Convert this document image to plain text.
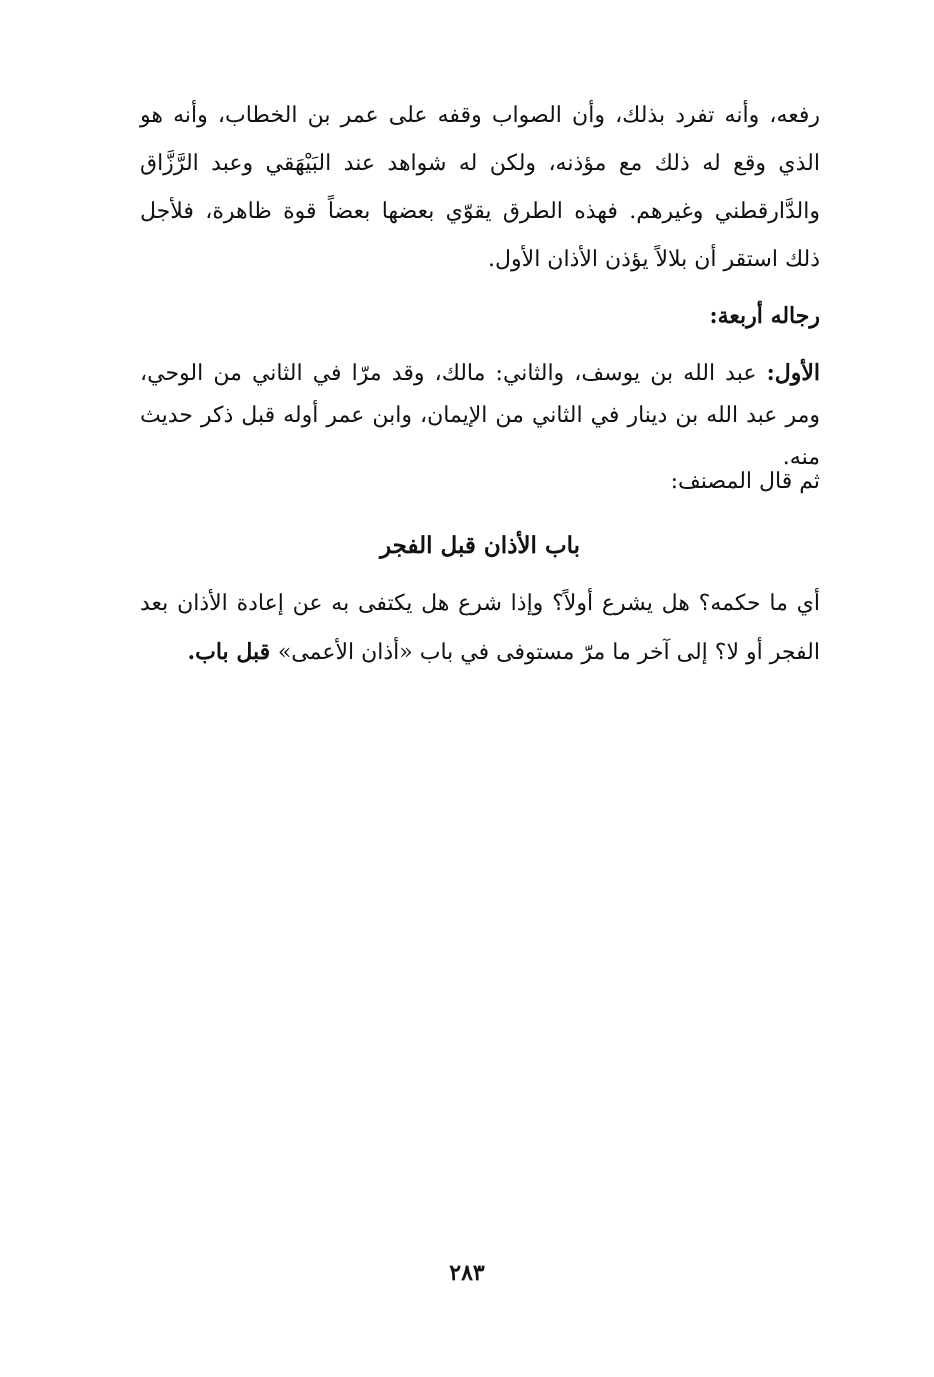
رفعه، وأنه تفرد بذلك، وأن الصواب وقفه على عمر بن الخطاب، وأنه هو الذي وقع له ذلك مع مؤذنه، ولكن له شواهد عند البَيْهَقي وعبد الرَّزَّاق والدَّارقطني وغيرهم. فهذه الطرق يقوّي بعضها بعضاً قوة ظاهرة، فلأجل ذلك استقر أن بلالاً يؤذن الأذان الأول.
رجاله أربعة:
الأول: عبد الله بن يوسف، والثاني: مالك، وقد مرّا في الثاني من الوحي، ومر عبد الله بن دينار في الثاني من الإيمان، وابن عمر أوله قبل ذكر حديث منه.
ثم قال المصنف:
باب الأذان قبل الفجر
أي ما حكمه؟ هل يشرع أولاً؟ وإذا شرع هل يكتفى به عن إعادة الأذان بعد الفجر أو لا؟ إلى آخر ما مرّ مستوفى في باب «أذان الأعمى» قبل باب.
٢٨٣
